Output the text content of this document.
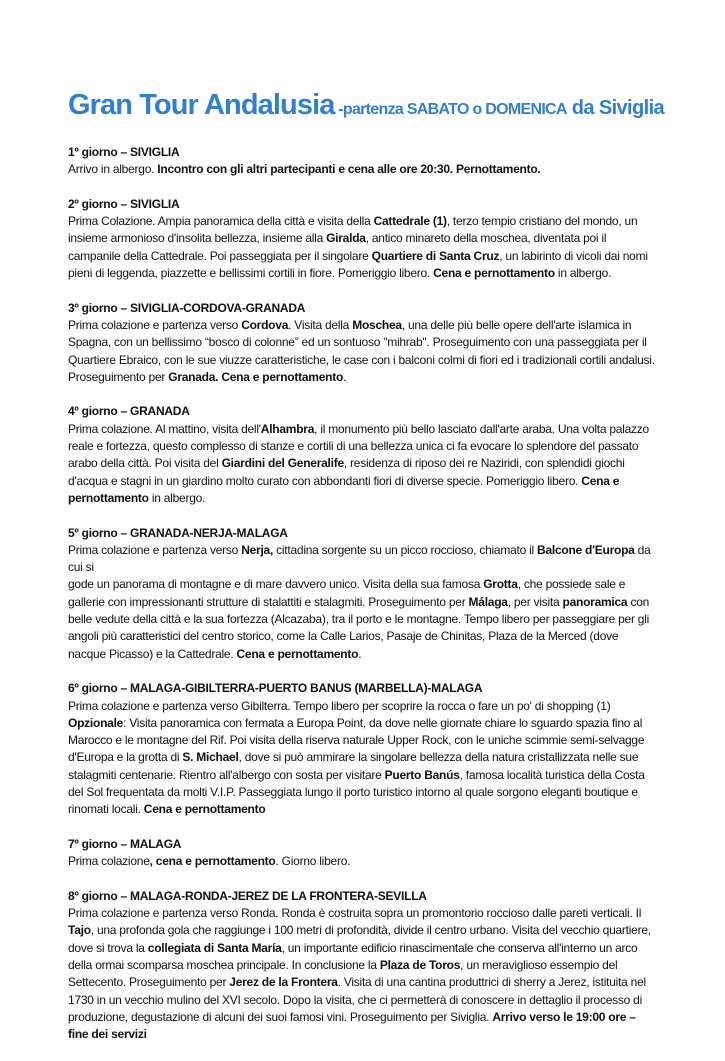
Gran Tour Andalusia -partenza SABATO o DOMENICA da Siviglia
1º giorno – SIVIGLIA

Arrivo in albergo. Incontro con gli altri partecipanti e cena alle ore 20:30. Pernottamento.

2º giorno – SIVIGLIA

Prima Colazione. Ampia panoramica della città e visita della Cattedrale (1), terzo tempio cristiano del mondo, un insieme armonioso d'insolita bellezza, insieme alla Giralda, antico minareto della moschea, diventata poi il campanile della Cattedrale. Poi passeggiata per il singolare Quartiere di Santa Cruz, un labirinto di vicoli dai nomi pieni di leggenda, piazzette e bellissimi cortili in fiore. Pomeriggio libero. Cena e pernottamento in albergo.

3º giorno – SIVIGLIA-CORDOVA-GRANADA

Prima colazione e partenza verso Cordova. Visita della Moschea, una delle più belle opere dell'arte islamica in Spagna, con un bellissimo “bosco di colonne” ed un sontuoso "mihrab". Proseguimento con una passeggiata per il Quartiere Ebraico, con le sue viuzze caratteristiche, le case con i balconi colmi di fiori ed i tradizionali cortili andalusi. Proseguimento per Granada. Cena e pernottamento.

4º giorno – GRANADA

Prima colazione. Al mattino, visita dell'Alhambra, il monumento più bello lasciato dall'arte araba. Una volta palazzo reale e fortezza, questo complesso di stanze e cortili di una bellezza unica ci fa evocare lo splendore del passato arabo della città. Poi visita del Giardini del Generalife, residenza di riposo dei re Naziridi, con splendidi giochi d'acqua e stagni in un giardino molto curato con abbondanti fiori di diverse specie. Pomeriggio libero. Cena e pernottamento in albergo.

5º giorno – GRANADA-NERJA-MALAGA

Prima colazione e partenza verso Nerja, cittadina sorgente su un picco roccioso, chiamato il Balcone d'Europa da cui si
gode un panorama di montagne e di mare davvero unico. Visita della sua famosa Grotta, che possiede sale e gallerie con impressionanti strutture di stalattiti e stalagmiti. Proseguimento per Málaga, per visita panoramica con belle vedute della città e la sua fortezza (Alcazaba), tra il porto e le montagne. Tempo libero per passeggiare per gli angoli più caratteristici del centro storico, come la Calle Larios, Pasaje de Chinitas, Plaza de la Merced (dove nacque Picasso) e la Cattedrale. Cena e pernottamento.

6º giorno – MALAGA-GIBILTERRA-PUERTO BANUS (MARBELLA)-MALAGA

Prima colazione e partenza verso Gibilterra. Tempo libero per scoprire la rocca o fare un po' di shopping (1)
Opzionale: Visita panoramica con fermata a Europa Point, da dove nelle giornate chiare lo sguardo spazia fino al Marocco e le montagne del Rif. Poi visita della riserva naturale Upper Rock, con le uniche scimmie semi-selvagge d'Europa e la grotta di S. Michael, dove si può ammirare la singolare bellezza della natura cristallizzata nelle sue stalagmiti centenarie. Rientro all'albergo con sosta per visitare Puerto Banús, famosa località turistica della Costa del Sol frequentata da molti V.I.P. Passeggiata lungo il porto turistico intorno al quale sorgono eleganti boutique e rinomati locali. Cena e pernottamento

7º giorno – MALAGA

Prima colazione, cena e pernottamento. Giorno libero.

8º giorno – MALAGA-RONDA-JEREZ DE LA FRONTERA-SEVILLA

Prima colazione e partenza verso Ronda. Ronda è costruita sopra un promontorio roccioso dalle pareti verticali. Il Tajo, una profonda gola che raggiunge i 100 metri di profondità, divide il centro urbano. Visita del vecchio quartiere, dove si trova la collegiata di Santa María, un importante edificio rinascimentale che conserva all'interno un arco della ormai scomparsa moschea principale. In conclusione la Plaza de Toros, un meraviglioso essempio del Settecento. Proseguimento per Jerez de la Frontera. Visita di una cantina produttrici di sherry a Jerez, istituita nel 1730 in un vecchio mulino del XVI secolo. Dopo la visita, che ci permetterà di conoscere in dettaglio il processo di produzione, degustazione di alcuni dei suoi famosi vini. Proseguimento per Siviglia. Arrivo verso le 19:00 ore – fine dei servizi
